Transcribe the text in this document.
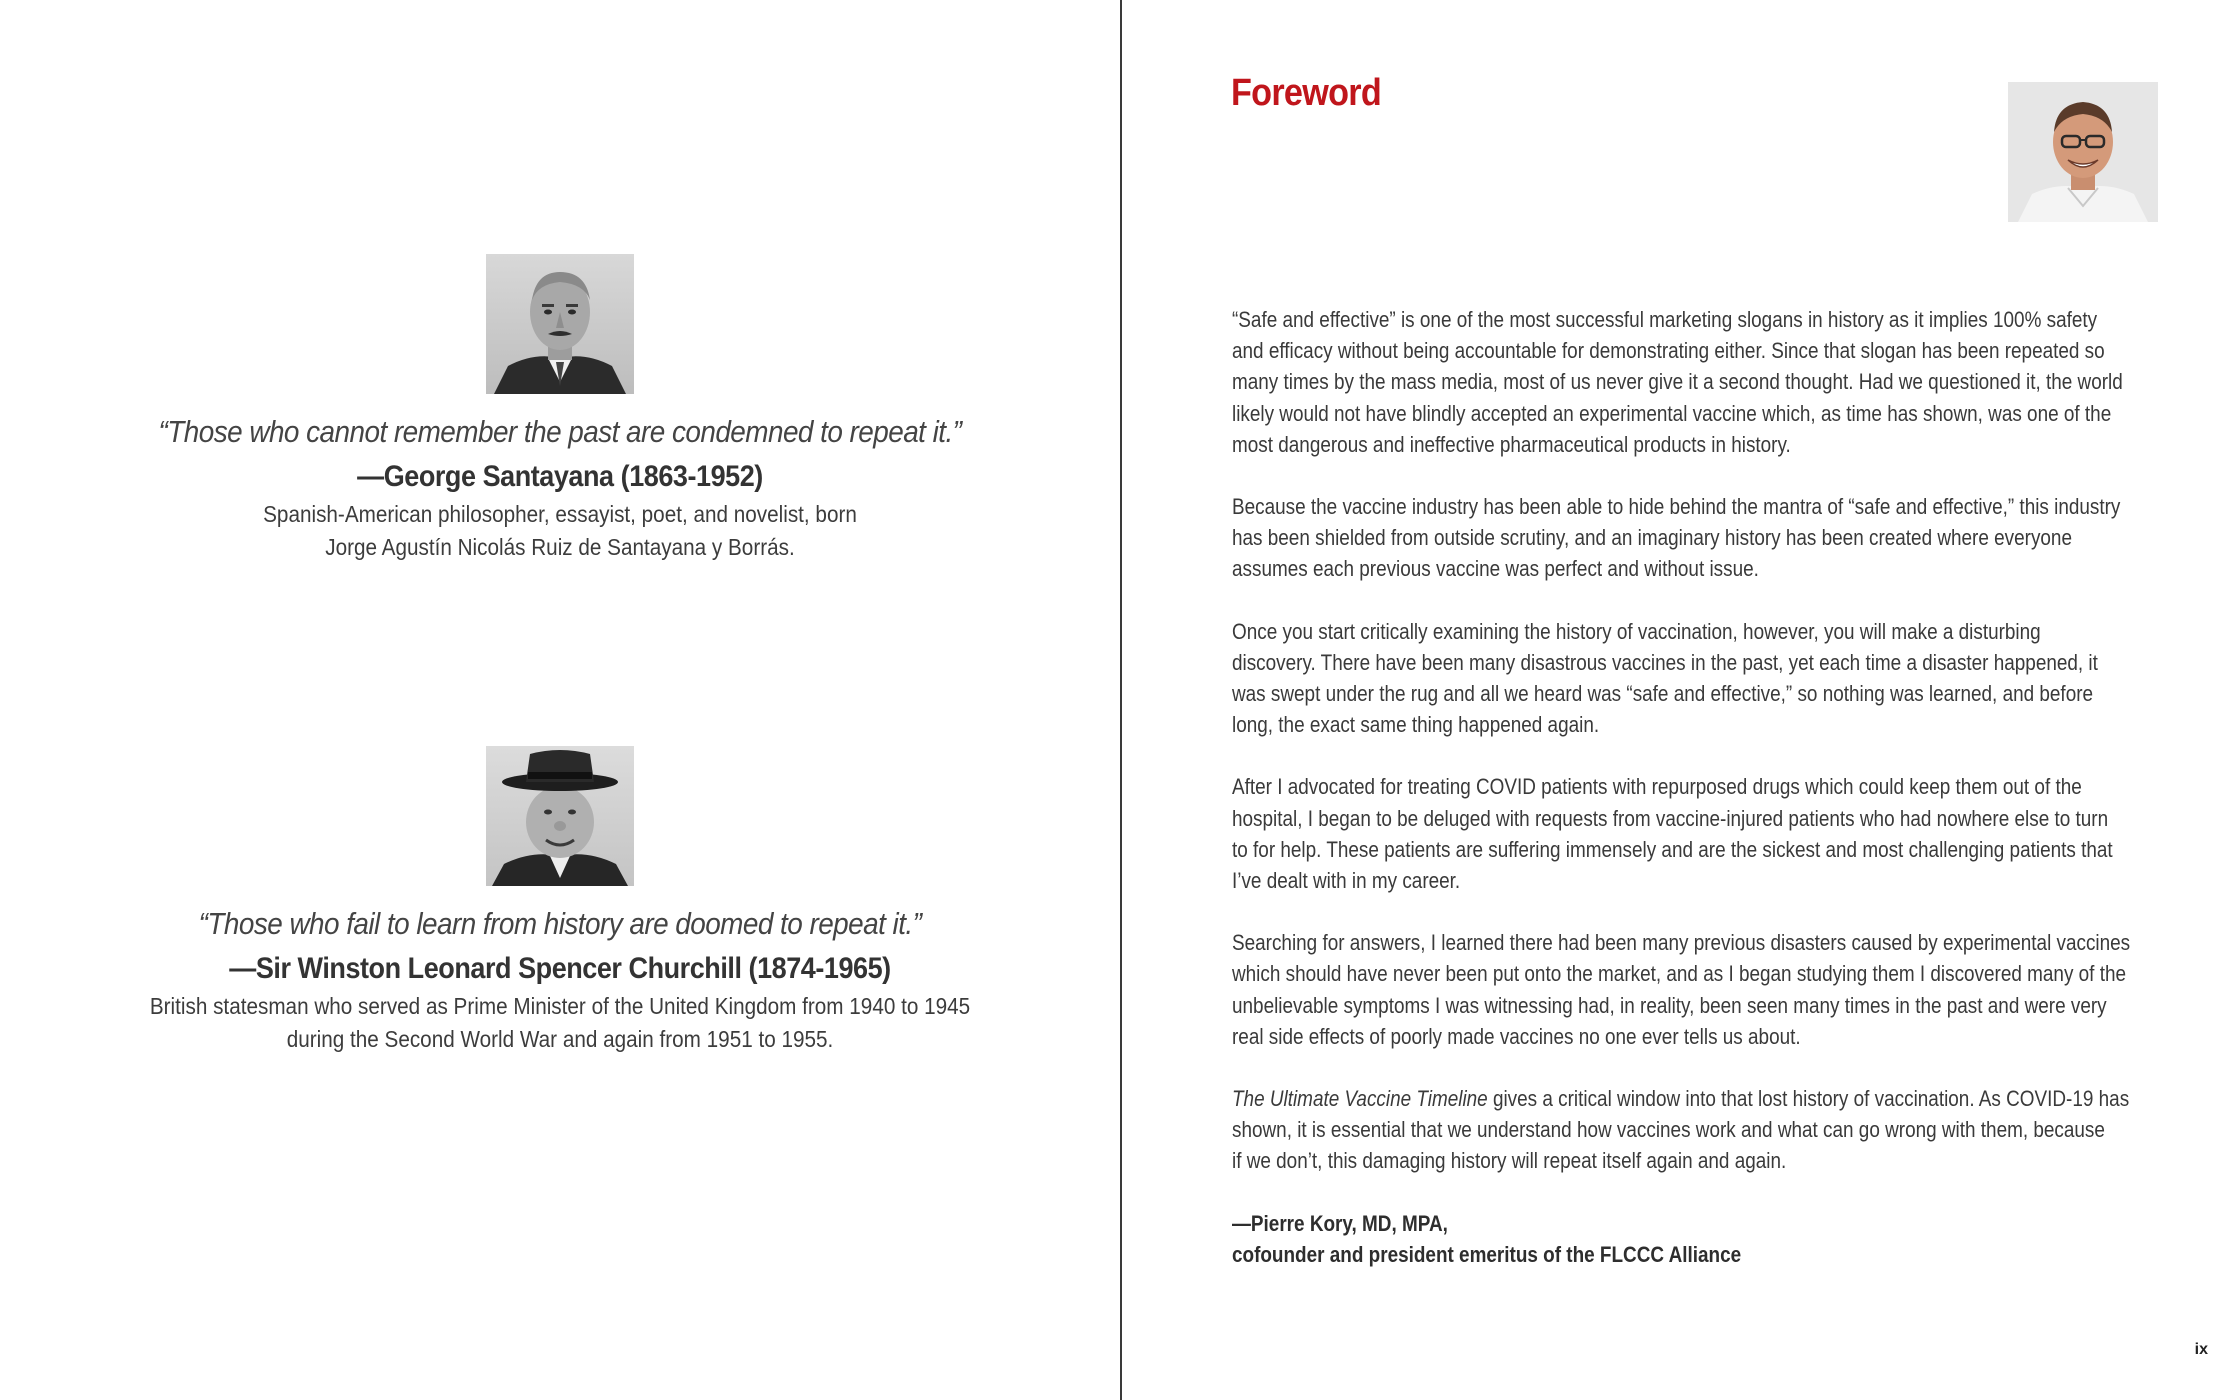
“Those who cannot remember the past are condemned to repeat it.”
—George Santayana (1863-1952)
Spanish-American philosopher, essayist, poet, and novelist, born
Jorge Agustín Nicolás Ruiz de Santayana y Borrás.
“Those who fail to learn from history are doomed to repeat it.”
—Sir Winston Leonard Spencer Churchill (1874-1965)
British statesman who served as Prime Minister of the United Kingdom from 1940 to 1945
during the Second World War and again from 1951 to 1955.
Foreword
“Safe and effective” is one of the most successful marketing slogans in history as it implies 100% safety
and efficacy without being accountable for demonstrating either. Since that slogan has been repeated so
many times by the mass media, most of us never give it a second thought. Had we questioned it, the world
likely would not have blindly accepted an experimental vaccine which, as time has shown, was one of the
most dangerous and ineffective pharmaceutical products in history.
Because the vaccine industry has been able to hide behind the mantra of “safe and effective,” this industry
has been shielded from outside scrutiny, and an imaginary history has been created where everyone
assumes each previous vaccine was perfect and without issue.
Once you start critically examining the history of vaccination, however, you will make a disturbing
discovery. There have been many disastrous vaccines in the past, yet each time a disaster happened, it
was swept under the rug and all we heard was “safe and effective,” so nothing was learned, and before
long, the exact same thing happened again.
After I advocated for treating COVID patients with repurposed drugs which could keep them out of the
hospital, I began to be deluged with requests from vaccine-injured patients who had nowhere else to turn
to for help. These patients are suffering immensely and are the sickest and most challenging patients that
I’ve dealt with in my career.
Searching for answers, I learned there had been many previous disasters caused by experimental vaccines
which should have never been put onto the market, and as I began studying them I discovered many of the
unbelievable symptoms I was witnessing had, in reality, been seen many times in the past and were very
real side effects of poorly made vaccines no one ever tells us about.
The Ultimate Vaccine Timeline gives a critical window into that lost history of vaccination. As COVID-19 has
shown, it is essential that we understand how vaccines work and what can go wrong with them, because
if we don’t, this damaging history will repeat itself again and again.
—Pierre Kory, MD, MPA,
cofounder and president emeritus of the FLCCC Alliance
ix
